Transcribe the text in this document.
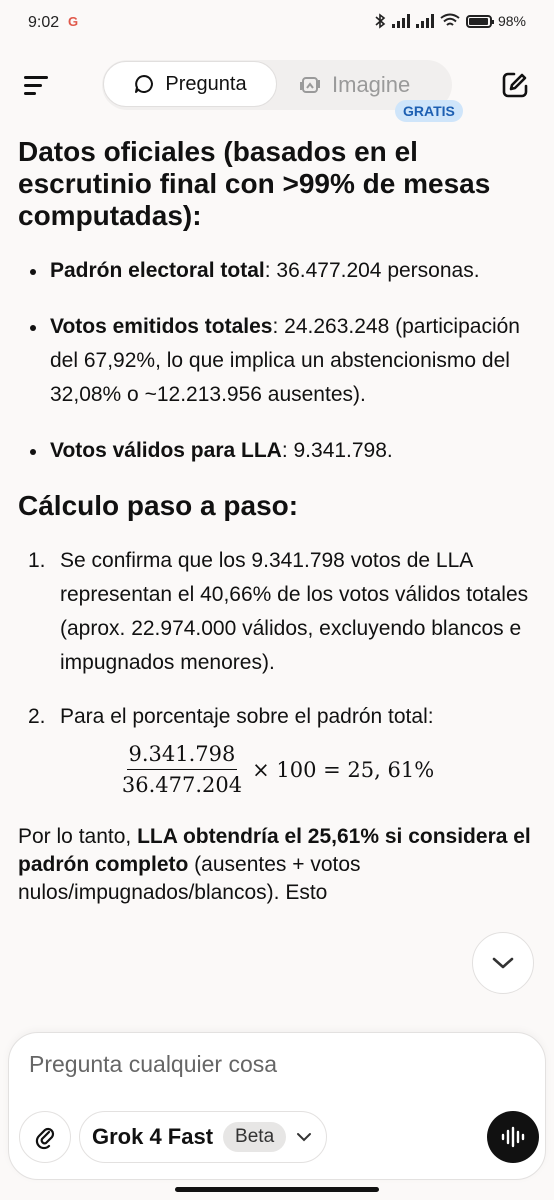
9:02 G	98%
Pregunta	Imagine
GRATIS
Datos oficiales (basados en el escrutinio final con >99% de mesas computadas):
Padrón electoral total: 36.477.204 personas.
Votos emitidos totales: 24.263.248 (participación del 67,92%, lo que implica un abstencionismo del 32,08% o ~12.213.956 ausentes).
Votos válidos para LLA: 9.341.798.
Cálculo paso a paso:
1. Se confirma que los 9.341.798 votos de LLA representan el 40,66% de los votos válidos totales (aprox. 22.974.000 válidos, excluyendo blancos e impugnados menores).
2. Para el porcentaje sobre el padrón total:
$\frac{9.341.798}{36.477.204} \times 100 = 25$, 61%

Por lo tanto, LLA obtendría el 25,61% si considera el padrón completo (ausentes + votos nulos/impugnados/blancos). Esto

Pregunta cualquier cosa
Grok 4 Fast	Beta
